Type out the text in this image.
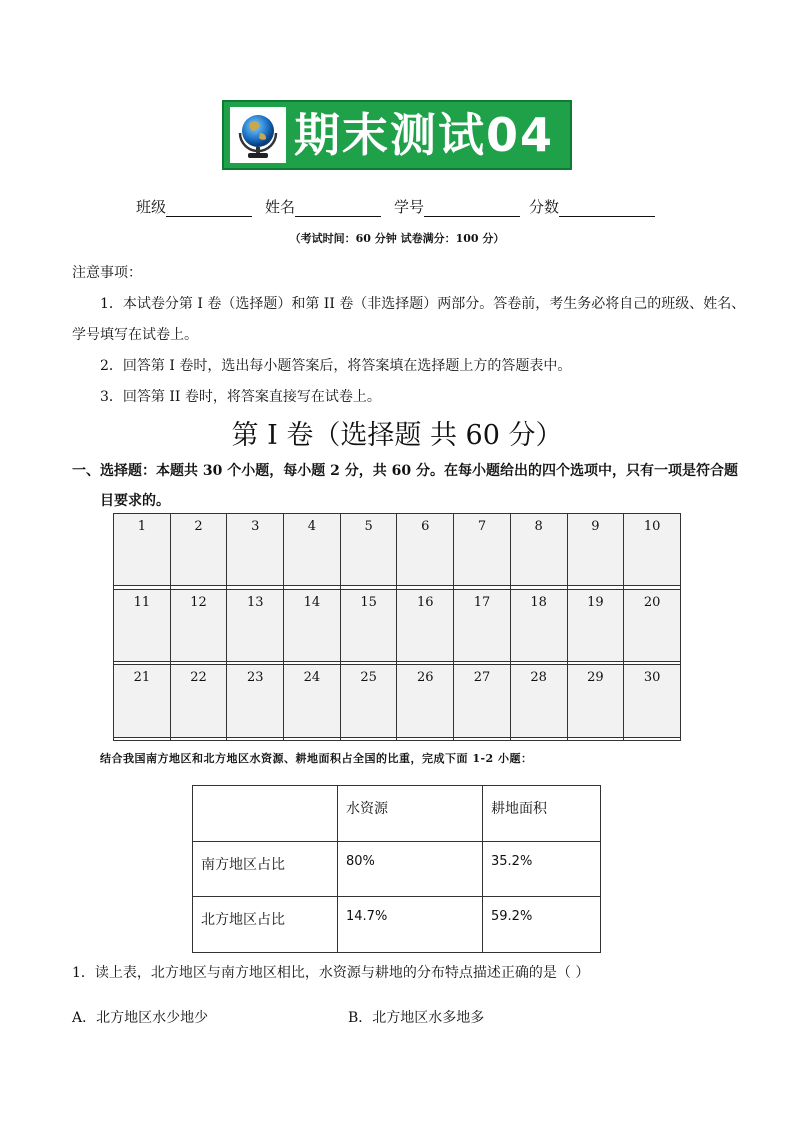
期末测试04
班级	姓名	学号	分数
（考试时间：60 分钟 试卷满分：100 分）
注意事项：
1．本试卷分第 I 卷（选择题）和第 II 卷（非选择题）两部分。答卷前，考生务必将自己的班级、姓名、
学号填写在试卷上。
2．回答第 I 卷时，选出每小题答案后，将答案填在选择题上方的答题表中。
3．回答第 II 卷时，将答案直接写在试卷上。
第 I 卷（选择题 共 60 分）
一、选择题：本题共 30 个小题，每小题 2 分，共 60 分。在每小题给出的四个选项中，只有一项是符合题
目要求的。
1	2	3	4	5	6	7	8	9	10

11	12	13	14	15	16	17	18	19	20

21	22	23	24	25	26	27	28	29	30

结合我国南方地区和北方地区水资源、耕地面积占全国的比重，完成下面 1-2 小题：
	水资源	耕地面积
南方地区占比	80%	35.2%
北方地区占比	14.7%	59.2%
1．读上表，北方地区与南方地区相比，水资源与耕地的分布特点描述正确的是（ ）
A．北方地区水少地少	B．北方地区水多地多
